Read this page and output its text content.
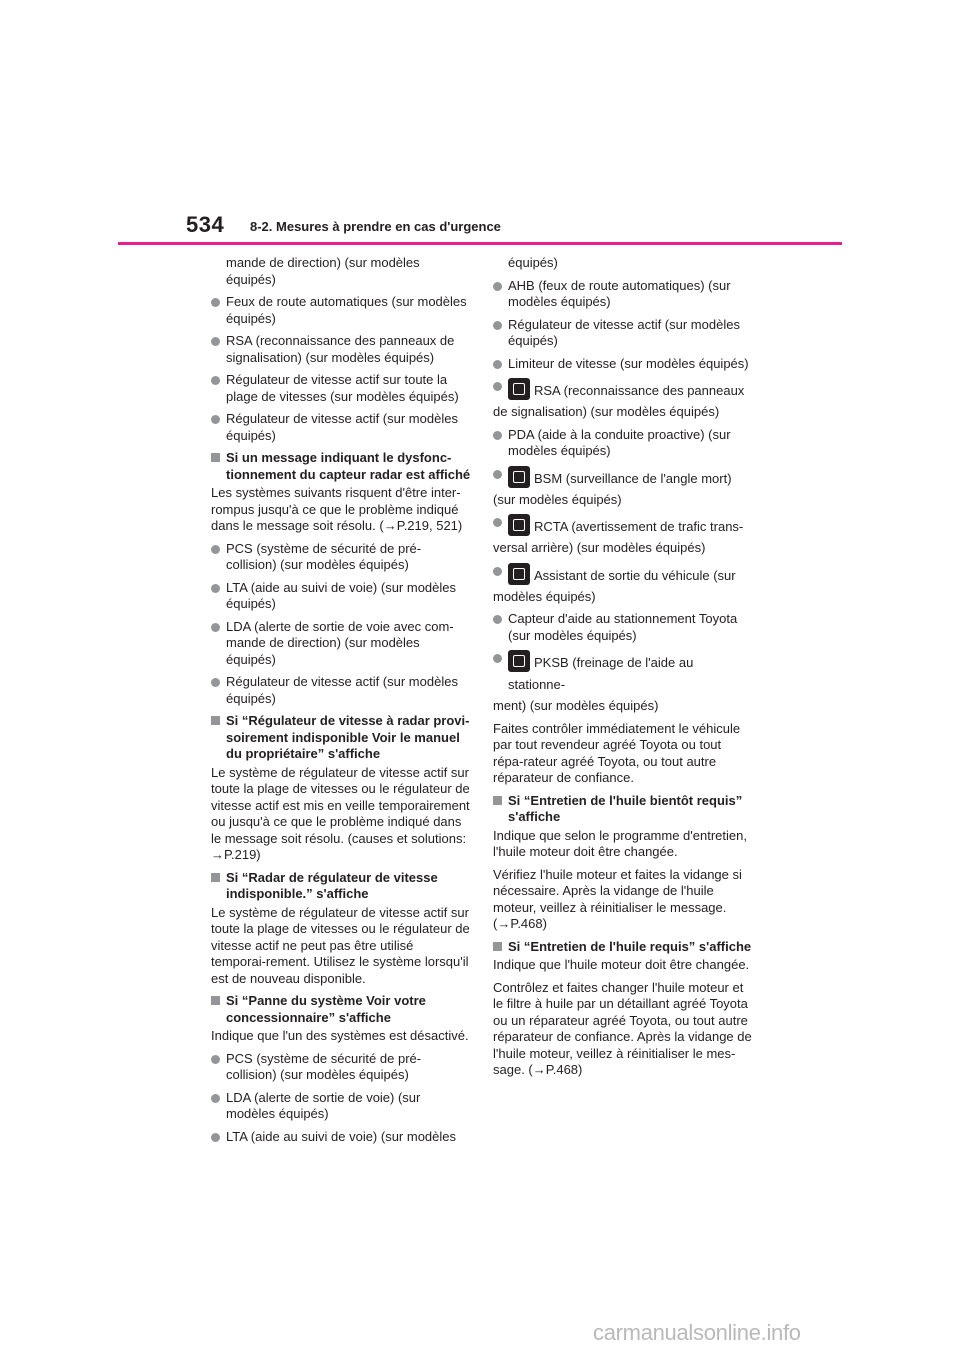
534 8-2. Mesures à prendre en cas d'urgence
mande de direction) (sur modèles équipés)
Feux de route automatiques (sur modèles équipés)
RSA (reconnaissance des panneaux de signalisation) (sur modèles équipés)
Régulateur de vitesse actif sur toute la plage de vitesses (sur modèles équipés)
Régulateur de vitesse actif (sur modèles équipés)
Si un message indiquant le dysfonc-tionnement du capteur radar est affiché
Les systèmes suivants risquent d'être inter-rompus jusqu'à ce que le problème indiqué dans le message soit résolu. (→P.219, 521)
PCS (système de sécurité de pré-collision) (sur modèles équipés)
LTA (aide au suivi de voie) (sur modèles équipés)
LDA (alerte de sortie de voie avec com-mande de direction) (sur modèles équipés)
Régulateur de vitesse actif (sur modèles équipés)
Si “Régulateur de vitesse à radar provi-soirement indisponible Voir le manuel du propriétaire” s'affiche
Le système de régulateur de vitesse actif sur toute la plage de vitesses ou le régulateur de vitesse actif est mis en veille temporairement ou jusqu'à ce que le problème indiqué dans le message soit résolu. (causes et solutions: →P.219)
Si “Radar de régulateur de vitesse indisponible.” s'affiche
Le système de régulateur de vitesse actif sur toute la plage de vitesses ou le régulateur de vitesse actif ne peut pas être utilisé temporai-rement. Utilisez le système lorsqu'il est de nouveau disponible.
Si “Panne du système Voir votre concessionnaire” s'affiche
Indique que l'un des systèmes est désactivé.
PCS (système de sécurité de pré-collision) (sur modèles équipés)
LDA (alerte de sortie de voie) (sur modèles équipés)
LTA (aide au suivi de voie) (sur modèles
équipés)
AHB (feux de route automatiques) (sur modèles équipés)
Régulateur de vitesse actif (sur modèles équipés)
Limiteur de vitesse (sur modèles équipés)
RSA (reconnaissance des panneaux
de signalisation) (sur modèles équipés)
PDA (aide à la conduite proactive) (sur modèles équipés)
BSM (surveillance de l'angle mort)
(sur modèles équipés)
RCTA (avertissement de trafic trans-
versal arrière) (sur modèles équipés)
Assistant de sortie du véhicule (sur
modèles équipés)
Capteur d'aide au stationnement Toyota (sur modèles équipés)
PKSB (freinage de l'aide au stationne-
ment) (sur modèles équipés)
Faites contrôler immédiatement le véhicule par tout revendeur agréé Toyota ou tout répa-rateur agréé Toyota, ou tout autre réparateur de confiance.
Si “Entretien de l'huile bientôt requis” s'affiche
Indique que selon le programme d'entretien, l'huile moteur doit être changée.
Vérifiez l'huile moteur et faites la vidange si nécessaire. Après la vidange de l'huile moteur, veillez à réinitialiser le message. (→P.468)
Si “Entretien de l'huile requis” s'affiche
Indique que l'huile moteur doit être changée.
Contrôlez et faites changer l'huile moteur et le filtre à huile par un détaillant agréé Toyota ou un réparateur agréé Toyota, ou tout autre réparateur de confiance. Après la vidange de l'huile moteur, veillez à réinitialiser le mes-sage. (→P.468)
carmanualsonline.info
